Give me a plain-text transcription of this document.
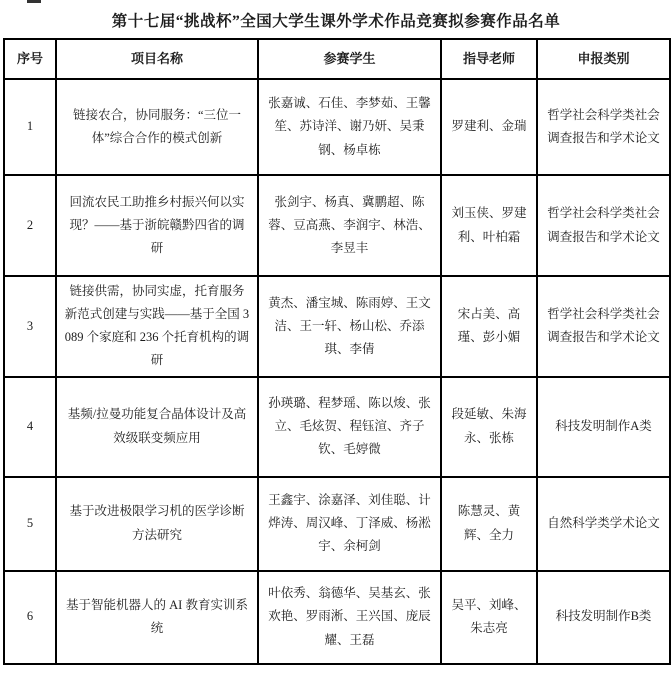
第十七届“挑战杯”全国大学生课外学术作品竞赛拟参赛作品名单
序号	项目名称	参赛学生	指导老师	申报类别
1	链接农合，协同服务：“三位一体”综合合作的模式创新	张嘉诚、石佳、李梦茹、王馨笙、苏诗洋、谢乃妍、吴秉钢、杨卓栋	罗建利、金瑞	哲学社会科学类社会调查报告和学术论文
2	回流农民工助推乡村振兴何以实现？——基于浙皖赣黔四省的调研	张剑宇、杨真、冀鹏超、陈蓉、豆高燕、李润宇、林浩、李昱丰	刘玉侠、罗建利、叶柏霜	哲学社会科学类社会调查报告和学术论文
3	链接供需，协同实虚，托育服务新范式创建与实践——基于全国 3089 个家庭和 236 个托育机构的调研	黄杰、潘宝城、陈雨婷、王文洁、王一轩、杨山松、乔添琪、李倩	宋占美、高瑾、彭小媚	哲学社会科学类社会调查报告和学术论文
4	基频/拉曼功能复合晶体设计及高效级联变频应用	孙瑛璐、程梦瑶、陈以焌、张立、毛炫贺、程钰渲、齐子钦、毛婷微	段延敏、朱海永、张栋	科技发明制作A类
5	基于改进极限学习机的医学诊断方法研究	王鑫宇、涂嘉泽、刘佳聪、计烨涛、周汉峰、丁泽威、杨淞宇、余柯剑	陈慧灵、黄辉、全力	自然科学类学术论文
6	基于智能机器人的 AI 教育实训系统	叶依秀、翁德华、吴基玄、张欢艳、罗雨淅、王兴国、庞辰耀、王磊	吴平、刘峰、朱志亮	科技发明制作B类
